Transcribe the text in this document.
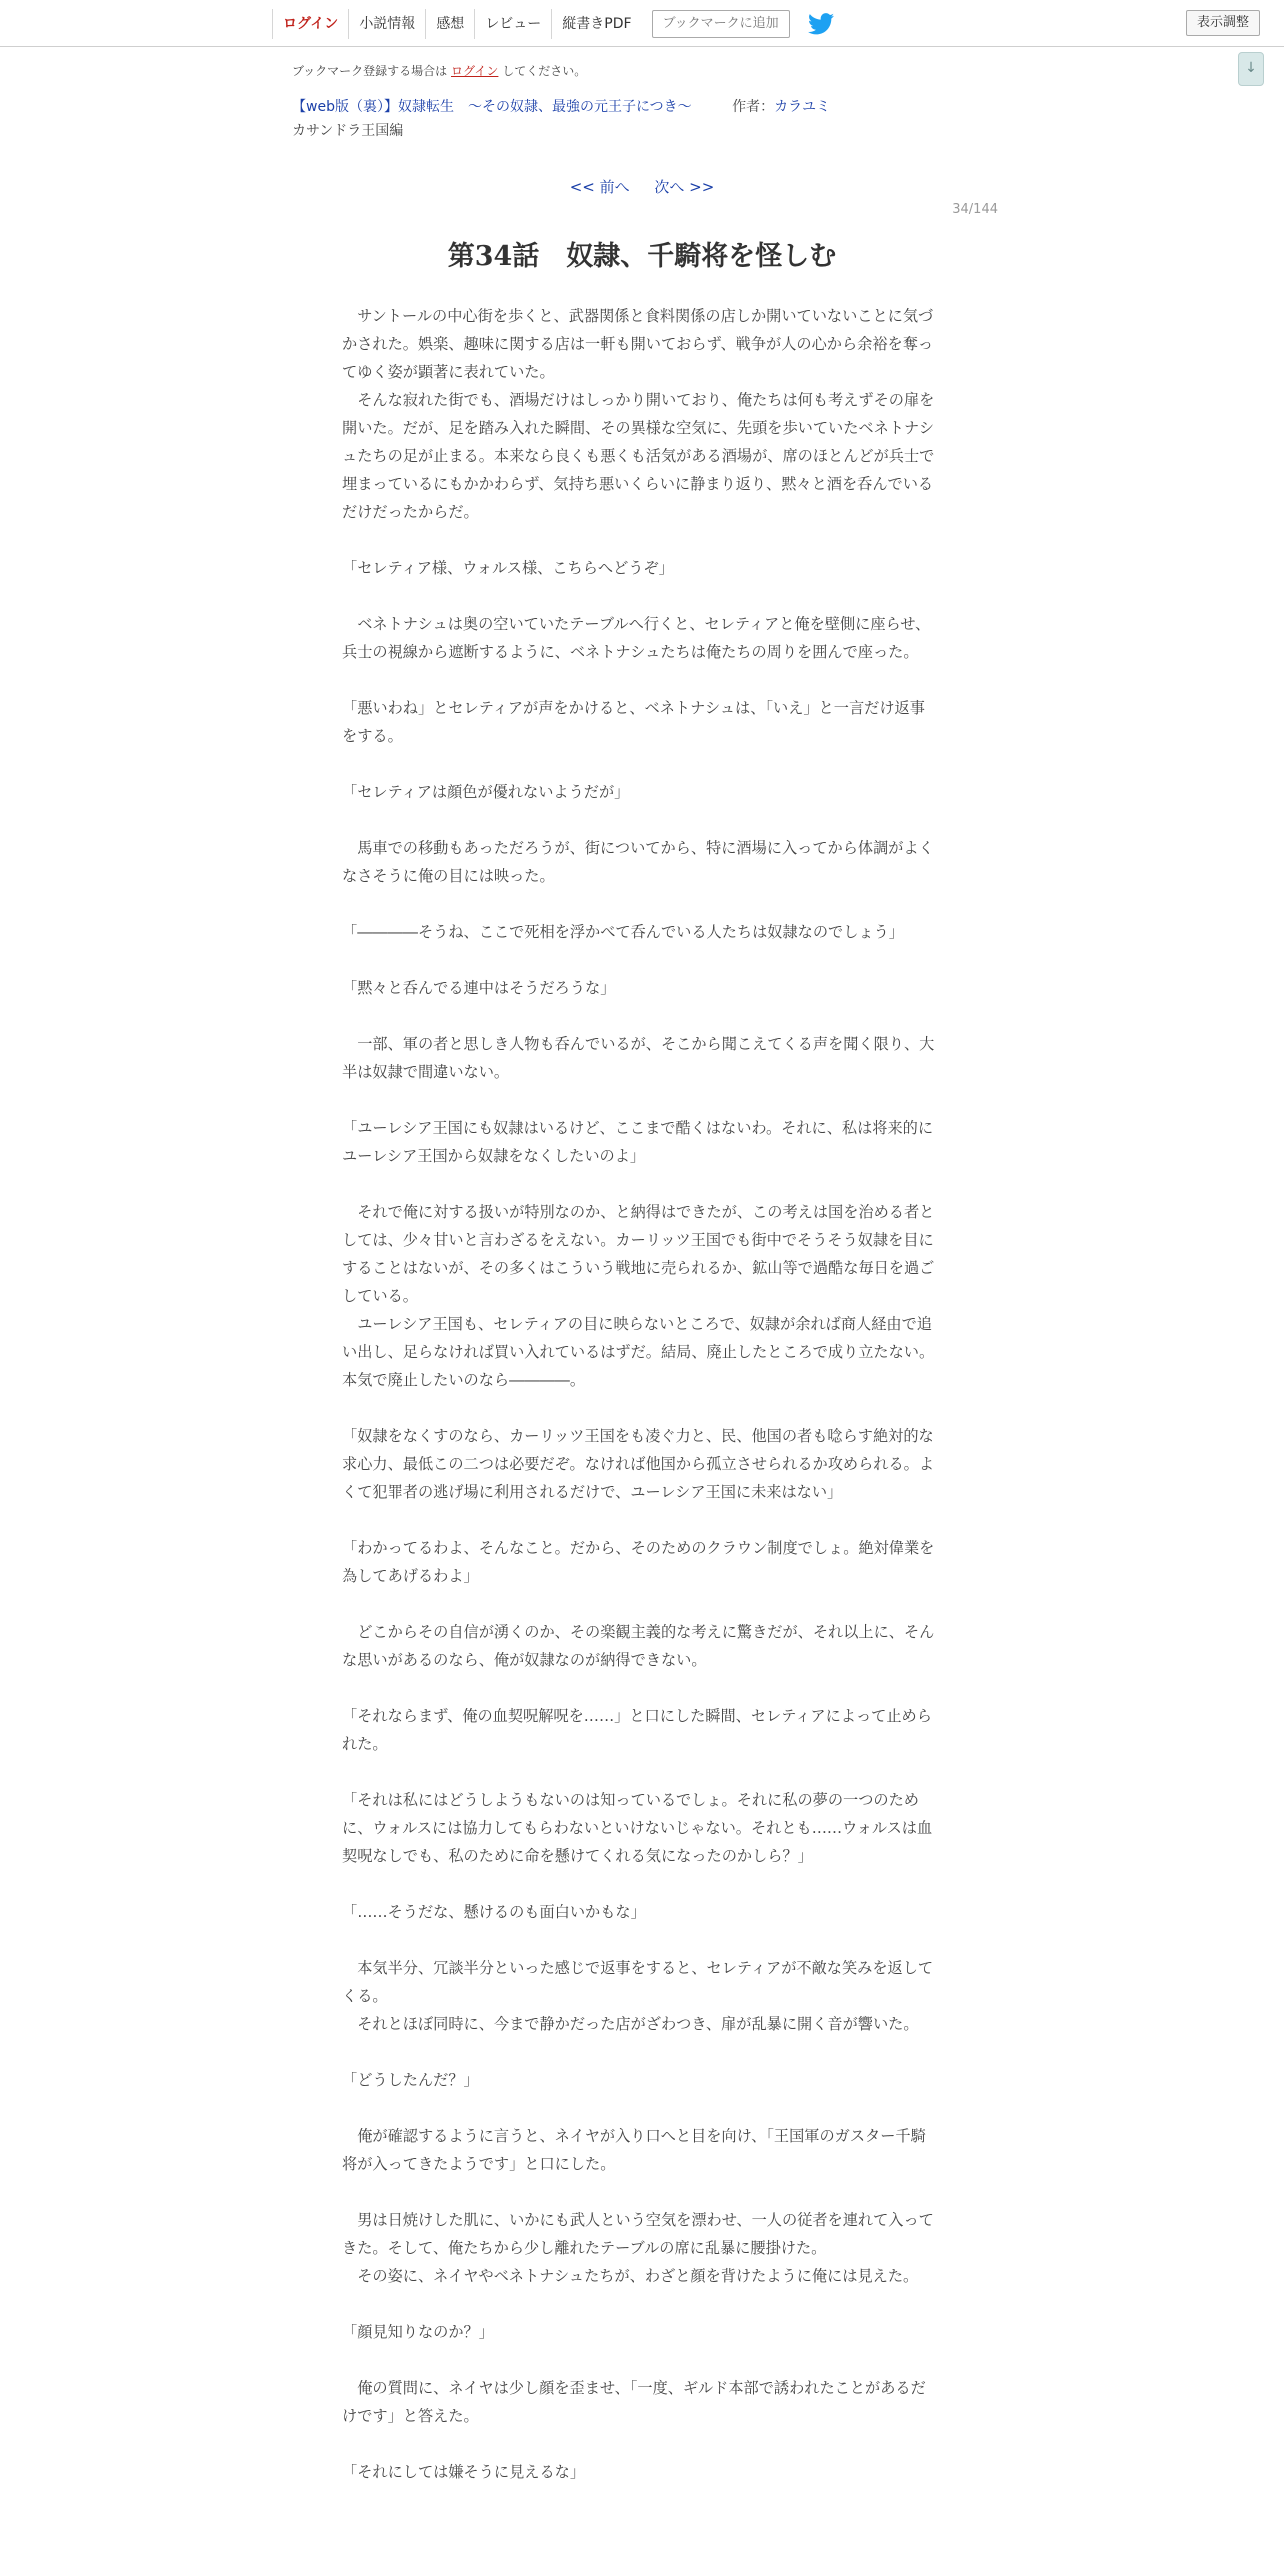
ログイン	小説情報	感想	レビュー	縦書きPDF	ブックマークに追加	表示調整
↓
ブックマーク登録する場合は ログイン してください。
【web版（裏）】奴隷転生　～その奴隷、最強の元王子につき～	作者：カラユミ
カサンドラ王国編
<< 前へ 次へ >>
34/144
第34話　奴隷、千騎将を怪しむ

　サントールの中心街を歩くと、武器関係と食料関係の店しか開いていないことに気づかされた。娯楽、趣味に関する店は一軒も開いておらず、戦争が人の心から余裕を奪ってゆく姿が顕著に表れていた。

　そんな寂れた街でも、酒場だけはしっかり開いており、俺たちは何も考えずその扉を開いた。だが、足を踏み入れた瞬間、その異様な空気に、先頭を歩いていたベネトナシュたちの足が止まる。本来なら良くも悪くも活気がある酒場が、席のほとんどが兵士で埋まっているにもかかわらず、気持ち悪いくらいに静まり返り、黙々と酒を呑んでいるだけだったからだ。

「セレティア様、ウォルス様、こちらへどうぞ」

　ベネトナシュは奥の空いていたテーブルへ行くと、セレティアと俺を壁側に座らせ、兵士の視線から遮断するように、ベネトナシュたちは俺たちの周りを囲んで座った。

「悪いわね」とセレティアが声をかけると、ベネトナシュは、「いえ」と一言だけ返事をする。

「セレティアは顔色が優れないようだが」

　馬車での移動もあっただろうが、街についてから、特に酒場に入ってから体調がよくなさそうに俺の目には映った。

「――――そうね、ここで死相を浮かべて呑んでいる人たちは奴隷なのでしょう」

「黙々と呑んでる連中はそうだろうな」

　一部、軍の者と思しき人物も呑んでいるが、そこから聞こえてくる声を聞く限り、大半は奴隷で間違いない。

「ユーレシア王国にも奴隷はいるけど、ここまで酷くはないわ。それに、私は将来的にユーレシア王国から奴隷をなくしたいのよ」

　それで俺に対する扱いが特別なのか、と納得はできたが、この考えは国を治める者としては、少々甘いと言わざるをえない。カーリッツ王国でも街中でそうそう奴隷を目にすることはないが、その多くはこういう戦地に売られるか、鉱山等で過酷な毎日を過ごしている。

　ユーレシア王国も、セレティアの目に映らないところで、奴隷が余れば商人経由で追い出し、足らなければ買い入れているはずだ。結局、廃止したところで成り立たない。本気で廃止したいのなら――――。

「奴隷をなくすのなら、カーリッツ王国をも凌ぐ力と、民、他国の者も唸らす絶対的な求心力、最低この二つは必要だぞ。なければ他国から孤立させられるか攻められる。よくて犯罪者の逃げ場に利用されるだけで、ユーレシア王国に未来はない」

「わかってるわよ、そんなこと。だから、そのためのクラウン制度でしょ。絶対偉業を為してあげるわよ」

　どこからその自信が湧くのか、その楽観主義的な考えに驚きだが、それ以上に、そんな思いがあるのなら、俺が奴隷なのが納得できない。

「それならまず、俺の血契呪解呪を……」と口にした瞬間、セレティアによって止められた。

「それは私にはどうしようもないのは知っているでしょ。それに私の夢の一つのために、ウォルスには協力してもらわないといけないじゃない。それとも……ウォルスは血契呪なしでも、私のために命を懸けてくれる気になったのかしら？」

「……そうだな、懸けるのも面白いかもな」

　本気半分、冗談半分といった感じで返事をすると、セレティアが不敵な笑みを返してくる。

　それとほぼ同時に、今まで静かだった店がざわつき、扉が乱暴に開く音が響いた。

「どうしたんだ？」

　俺が確認するように言うと、ネイヤが入り口へと目を向け、「王国軍のガスター千騎将が入ってきたようです」と口にした。

　男は日焼けした肌に、いかにも武人という空気を漂わせ、一人の従者を連れて入ってきた。そして、俺たちから少し離れたテーブルの席に乱暴に腰掛けた。

　その姿に、ネイヤやベネトナシュたちが、わざと顔を背けたように俺には見えた。

「顔見知りなのか？」

　俺の質問に、ネイヤは少し顔を歪ませ、「一度、ギルド本部で誘われたことがあるだけです」と答えた。

「それにしては嫌そうに見えるな」
